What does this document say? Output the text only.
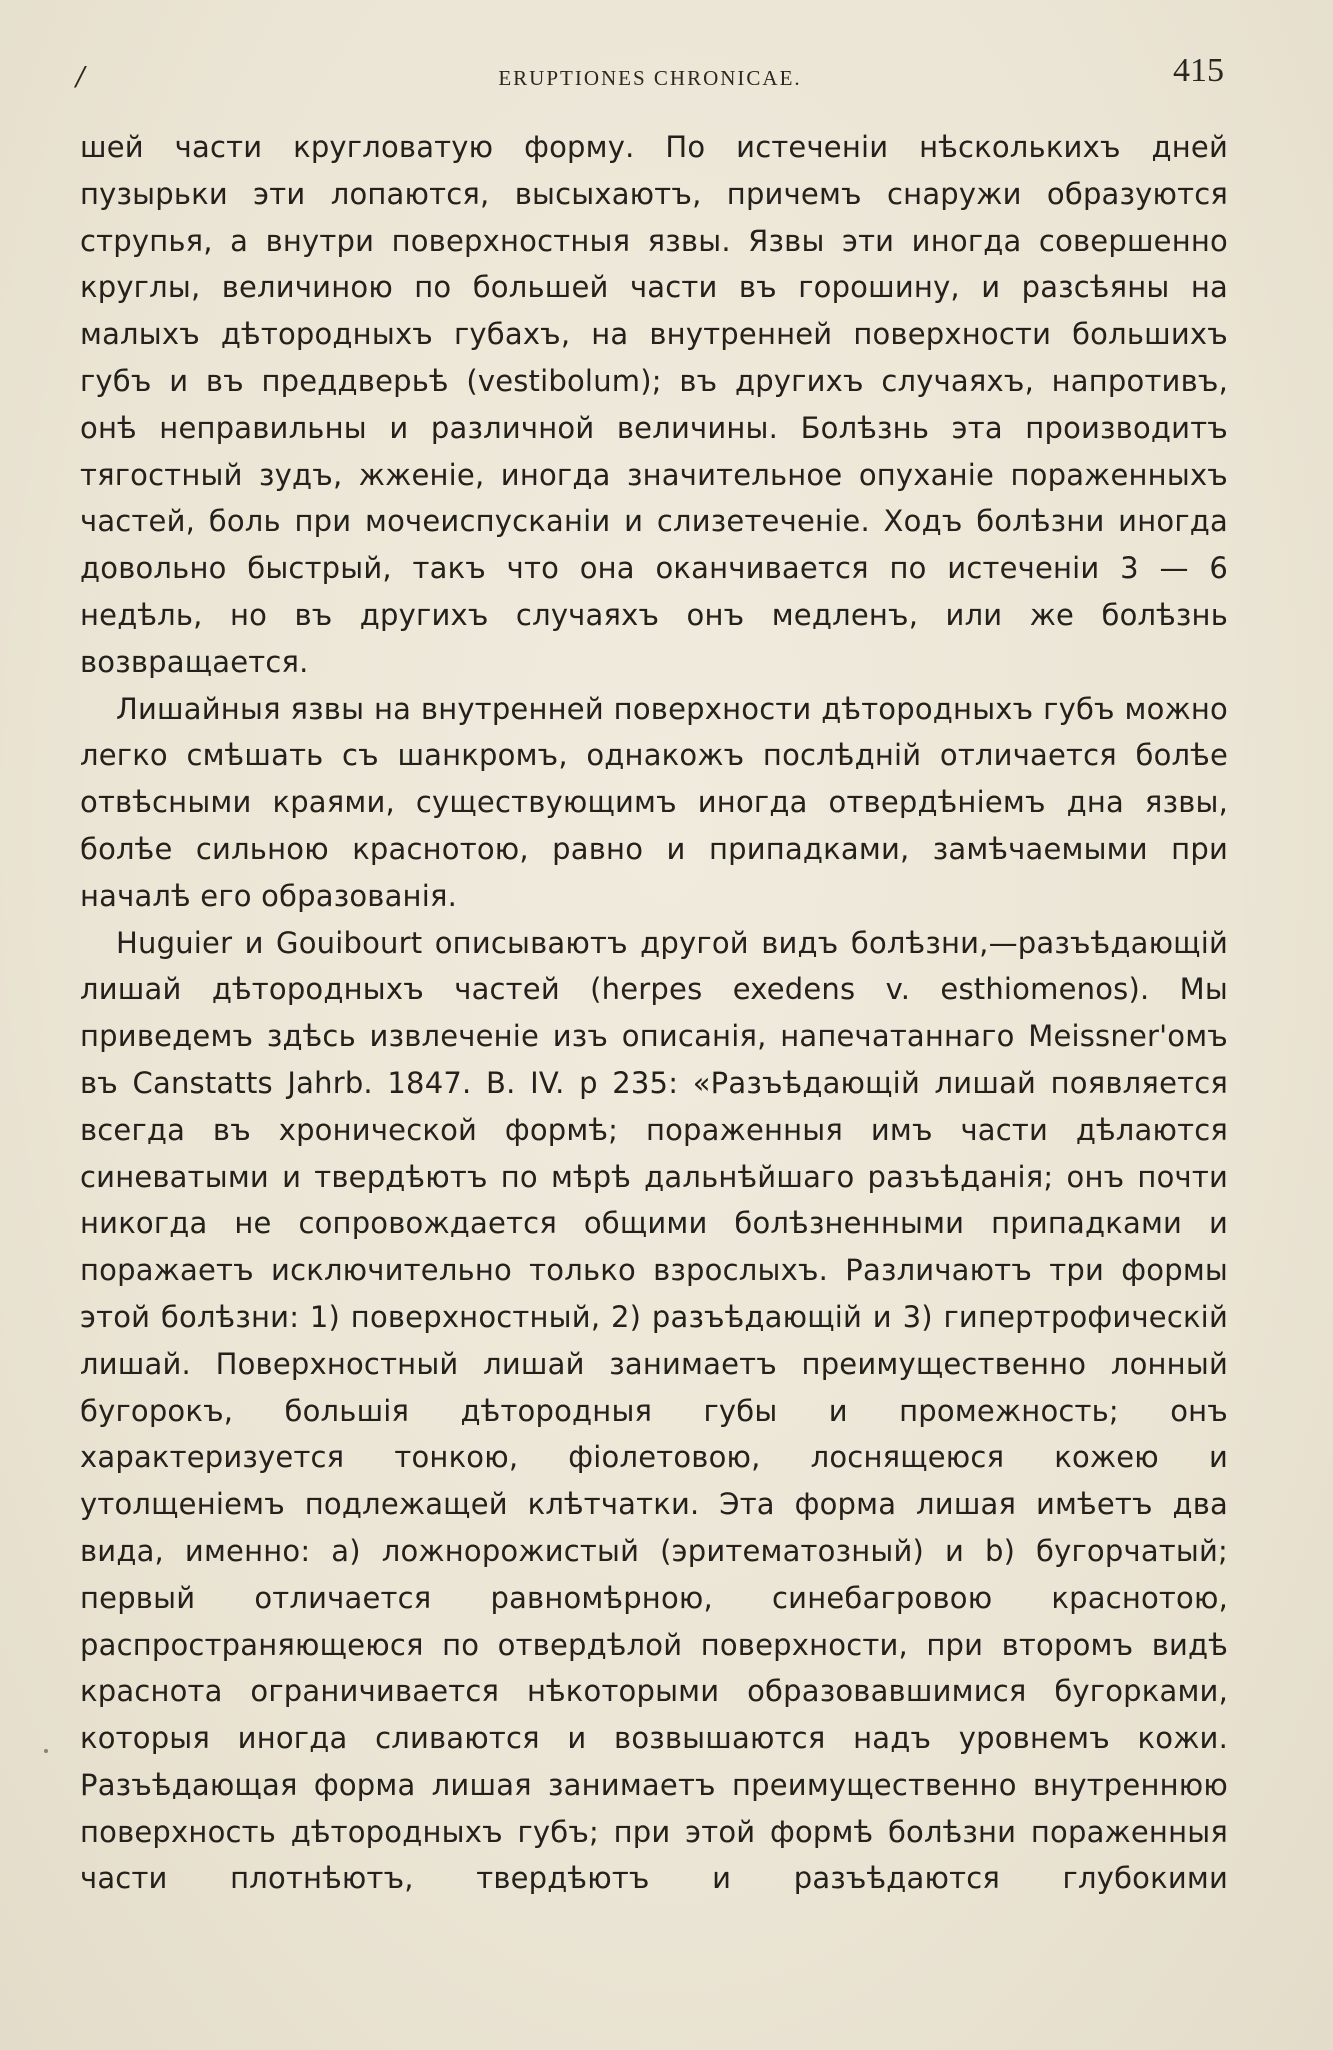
/	ERUPTIONES CHRONICAE.	415

шей части кругловатую форму. По истеченіи нѣсколькихъ дней пузырьки эти лопаются, высыхаютъ, причемъ снаружи образуются струпья, а внутри поверхностныя язвы. Язвы эти иногда совершенно круглы, величиною по большей части въ горошину, и разсѣяны на малыхъ дѣтородныхъ губахъ, на внутренней поверхности большихъ губъ и въ преддверьѣ (vestibolum); въ другихъ случаяхъ, напротивъ, онѣ неправильны и различной величины. Болѣзнь эта производитъ тягостный зудъ, жженіе, иногда значительное опуханіе пораженныхъ частей, боль при мочеиспусканіи и слизетеченіе. Ходъ болѣзни иногда довольно быстрый, такъ что она оканчивается по истеченіи 3 — 6 недѣль, но въ другихъ случаяхъ онъ медленъ, или же болѣзнь возвращается.

Лишайныя язвы на внутренней поверхности дѣтородныхъ губъ можно легко смѣшать съ шанкромъ, однакожъ послѣдній отличается болѣе отвѣсными краями, существующимъ иногда отвердѣніемъ дна язвы, болѣе сильною краснотою, равно и припадками, замѣчаемыми при началѣ его образованія.

Huguier и Gouibourt описываютъ другой видъ болѣзни,—разъѣдающій лишай дѣтородныхъ частей (herpes exedens v. esthiomenos). Мы приведемъ здѣсь извлеченіе изъ описанія, напечатаннаго Meissner'омъ въ Canstatts Jahrb. 1847. B. IV. p 235: «Разъѣдающій лишай появляется всегда въ хронической формѣ; пораженныя имъ части дѣлаются синеватыми и твердѣютъ по мѣрѣ дальнѣйшаго разъѣданія; онъ почти никогда не сопровождается общими болѣзненными припадками и поражаетъ исключительно только взрослыхъ. Различаютъ три формы этой болѣзни: 1) поверхностный, 2) разъѣдающій и 3) гипертрофическій лишай. Поверхностный лишай занимаетъ преимущественно лонный бугорокъ, большія дѣтородныя губы и промежность; онъ характеризуется тонкою, фіолетовою, лоснящеюся кожею и утолщеніемъ подлежащей клѣтчатки. Эта форма лишая имѣетъ два вида, именно: a) ложнорожистый (эритематозный) и b) бугорчатый; первый отличается равномѣрною, синебагровою краснотою, распространяющеюся по отвердѣлой поверхности, при второмъ видѣ краснота ограничивается нѣкоторыми образовавшимися бугорками, которыя иногда сливаются и возвышаются надъ уровнемъ кожи. Разъѣдающая форма лишая занимаетъ преимущественно внутреннюю поверхность дѣтородныхъ губъ; при этой формѣ болѣзни пораженныя части плотнѣютъ, твердѣютъ и разъѣдаются глубокими
